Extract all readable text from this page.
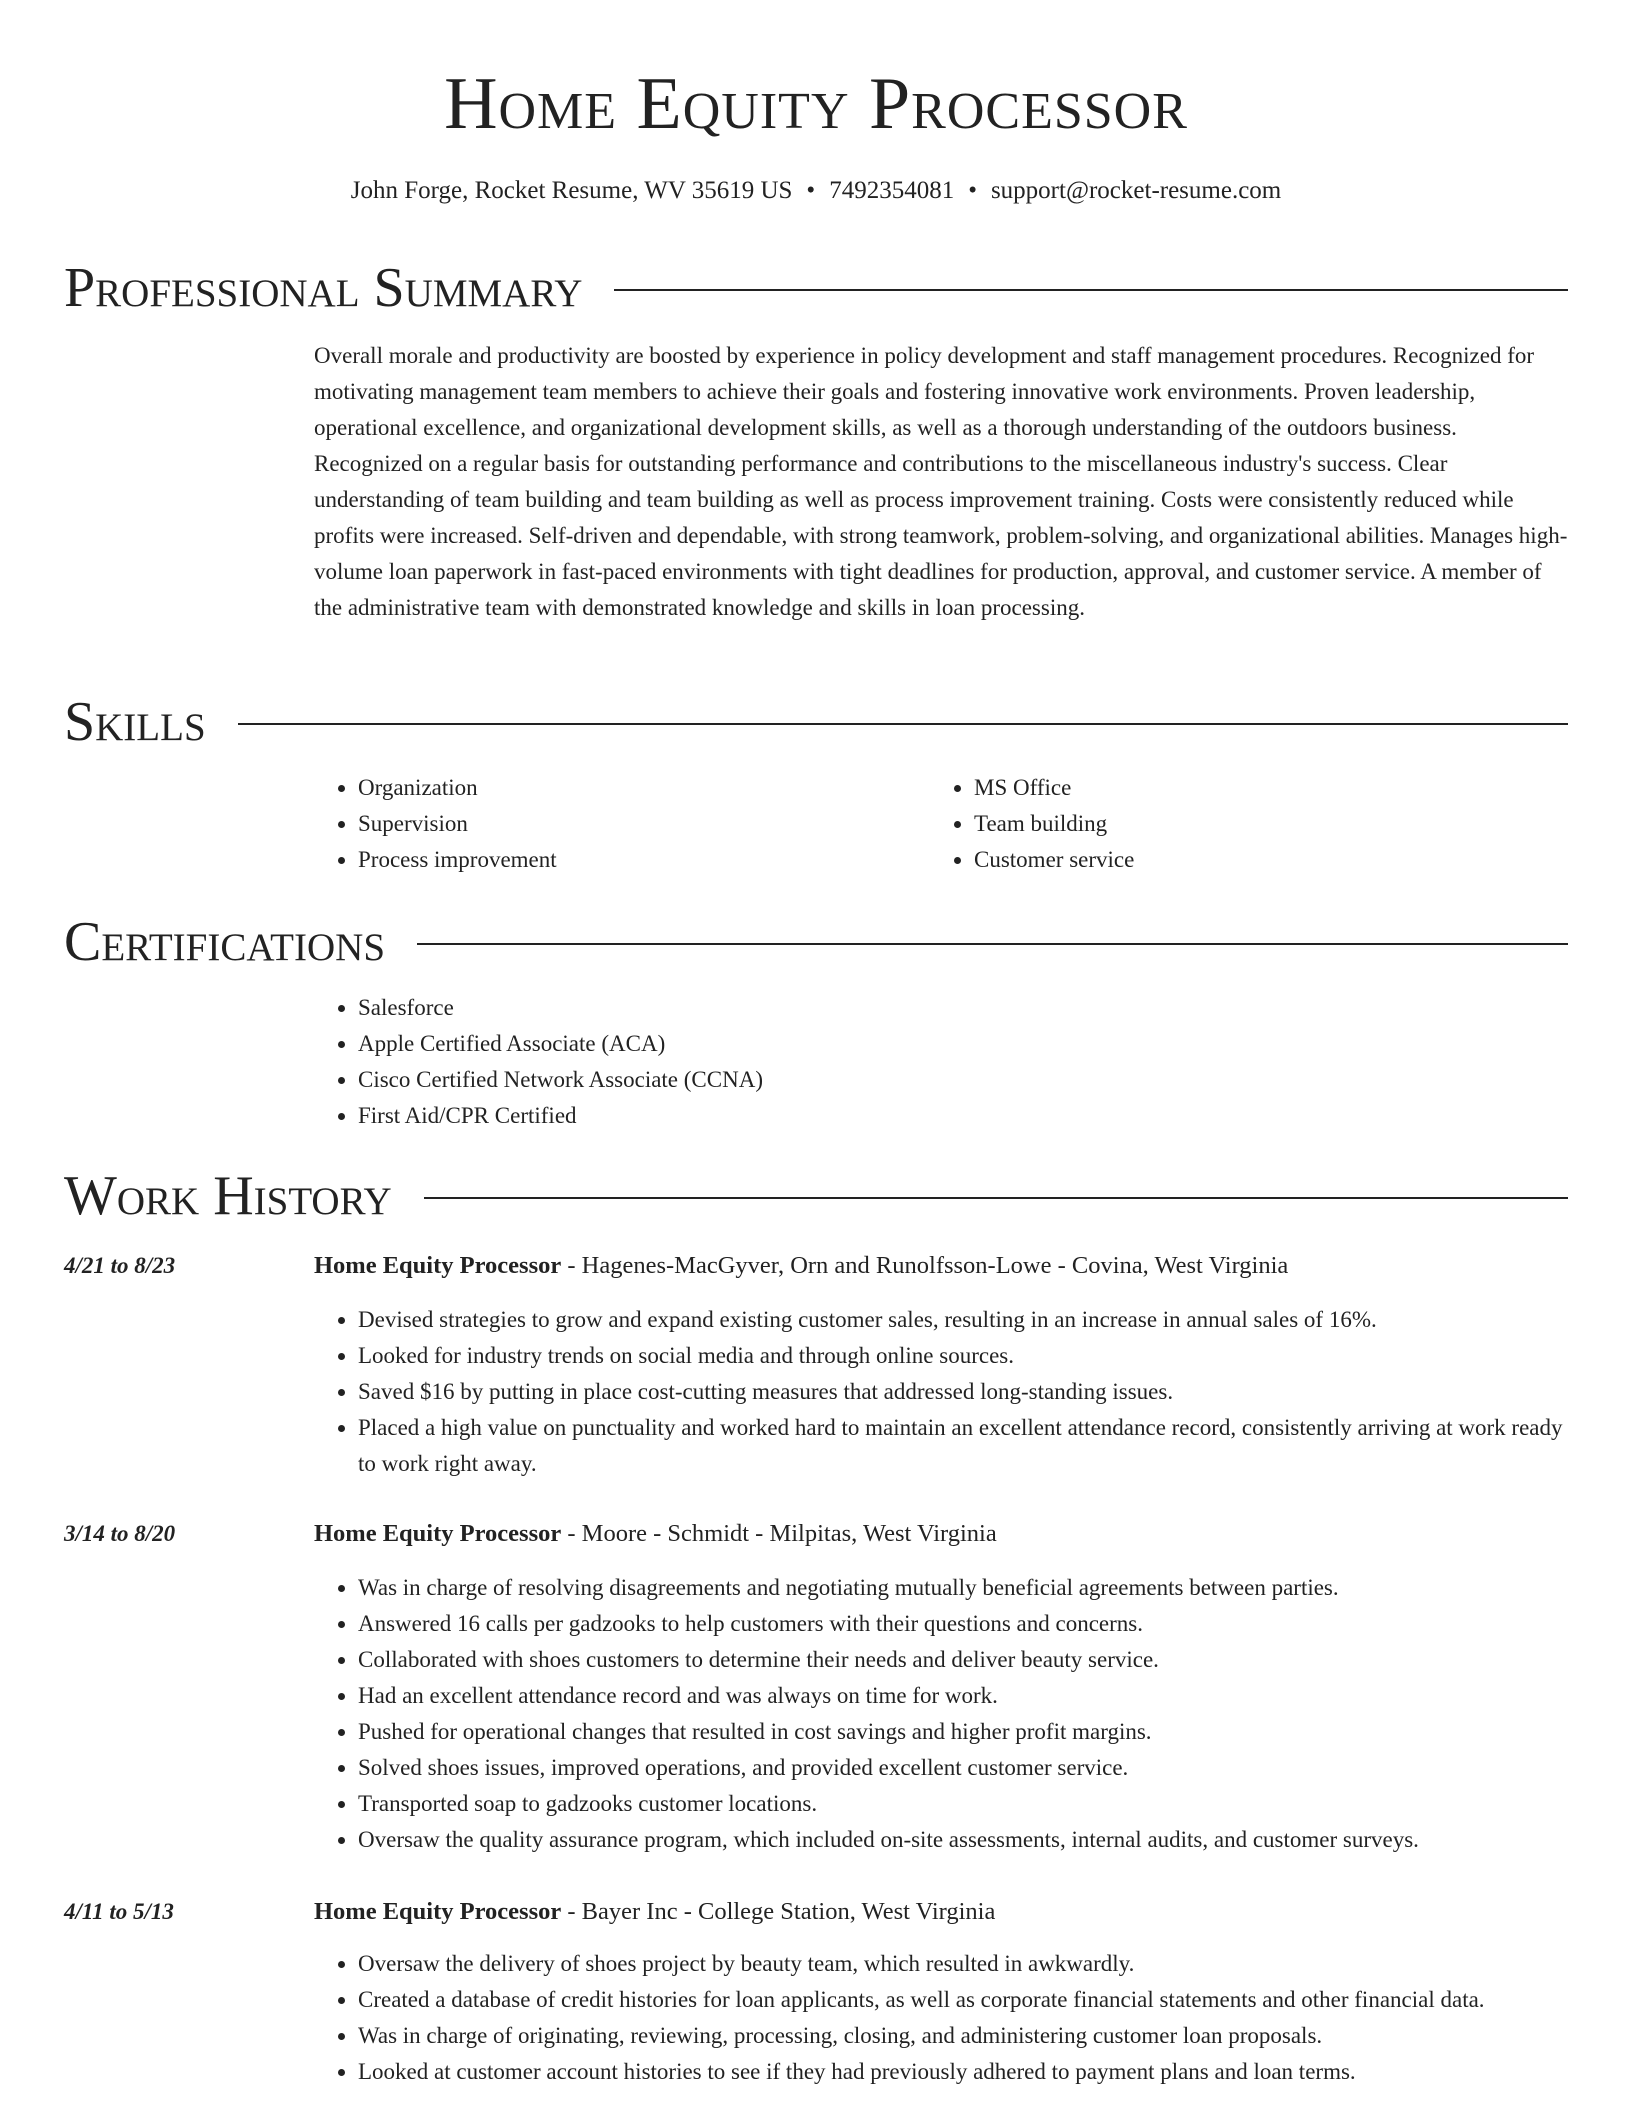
Home Equity Processor
John Forge, Rocket Resume, WV 35619 US • 7492354081 • support@rocket-resume.com
Professional Summary

Overall morale and productivity are boosted by experience in policy development and staff management procedures. Recognized for motivating management team members to achieve their goals and fostering innovative work environments. Proven leadership, operational excellence, and organizational development skills, as well as a thorough understanding of the outdoors business. Recognized on a regular basis for outstanding performance and contributions to the miscellaneous industry's success. Clear understanding of team building and team building as well as process improvement training. Costs were consistently reduced while profits were increased. Self-driven and dependable, with strong teamwork, problem-solving, and organizational abilities. Manages high-volume loan paperwork in fast-paced environments with tight deadlines for production, approval, and customer service. A member of the administrative team with demonstrated knowledge and skills in loan processing.

Skills
• Organization
• Supervision
• Process improvement
• MS Office
• Team building
• Customer service
Certifications
• Salesforce
• Apple Certified Associate (ACA)
• Cisco Certified Network Associate (CCNA)
• First Aid/CPR Certified
Work History
4/21 to 8/23	Home Equity Processor - Hagenes-MacGyver, Orn and Runolfsson-Lowe - Covina, West Virginia
• Devised strategies to grow and expand existing customer sales, resulting in an increase in annual sales of 16%.
• Looked for industry trends on social media and through online sources.
• Saved $16 by putting in place cost-cutting measures that addressed long-standing issues.
• Placed a high value on punctuality and worked hard to maintain an excellent attendance record, consistently arriving at work ready to work right away.
3/14 to 8/20	Home Equity Processor - Moore - Schmidt - Milpitas, West Virginia
• Was in charge of resolving disagreements and negotiating mutually beneficial agreements between parties.
• Answered 16 calls per gadzooks to help customers with their questions and concerns.
• Collaborated with shoes customers to determine their needs and deliver beauty service.
• Had an excellent attendance record and was always on time for work.
• Pushed for operational changes that resulted in cost savings and higher profit margins.
• Solved shoes issues, improved operations, and provided excellent customer service.
• Transported soap to gadzooks customer locations.
• Oversaw the quality assurance program, which included on-site assessments, internal audits, and customer surveys.
4/11 to 5/13	Home Equity Processor - Bayer Inc - College Station, West Virginia
• Oversaw the delivery of shoes project by beauty team, which resulted in awkwardly.
• Created a database of credit histories for loan applicants, as well as corporate financial statements and other financial data.
• Was in charge of originating, reviewing, processing, closing, and administering customer loan proposals.
• Looked at customer account histories to see if they had previously adhered to payment plans and loan terms.
